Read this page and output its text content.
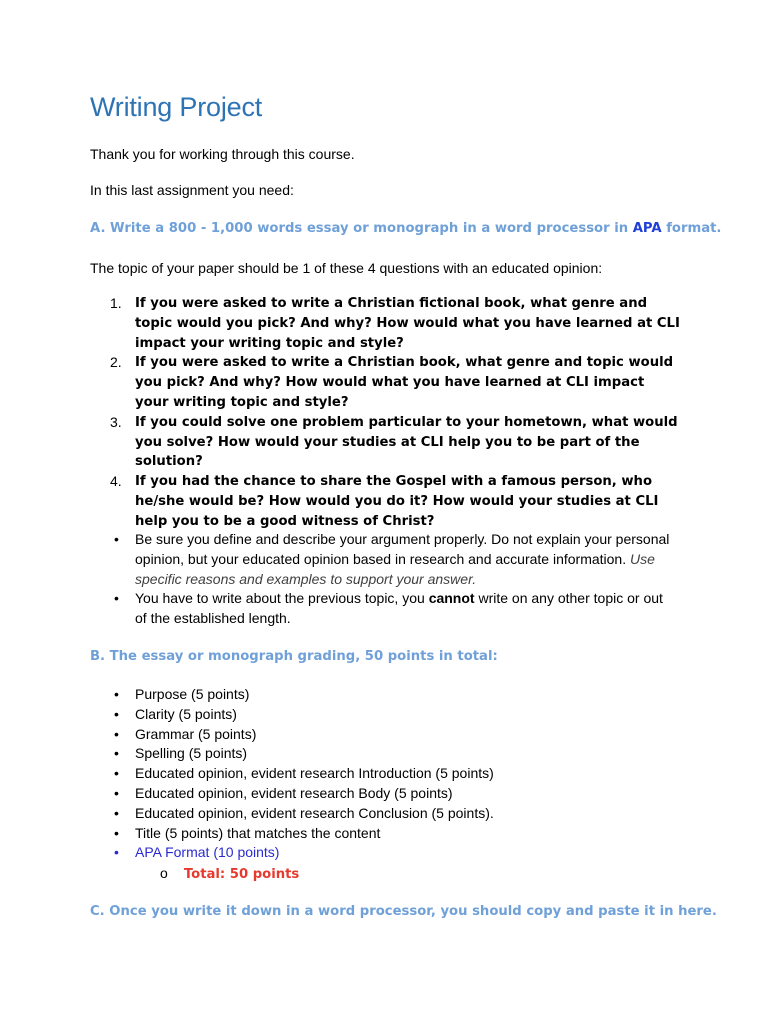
Writing Project

Thank you for working through this course.

In this last assignment you need:

A. Write a 800 - 1,000 words essay or monograph in a word processor in APA format.

The topic of your paper should be 1 of these 4 questions with an educated opinion:

1. If you were asked to write a Christian fictional book, what genre and topic would you pick? And why? How would what you have learned at CLI impact your writing topic and style?
2. If you were asked to write a Christian book, what genre and topic would you pick? And why? How would what you have learned at CLI impact your writing topic and style?
3. If you could solve one problem particular to your hometown, what would you solve? How would your studies at CLI help you to be part of the solution?
4. If you had the chance to share the Gospel with a famous person, who he/she would be? How would you do it? How would your studies at CLI help you to be a good witness of Christ?
• Be sure you define and describe your argument properly. Do not explain your personal opinion, but your educated opinion based in research and accurate information. Use specific reasons and examples to support your answer.
• You have to write about the previous topic, you cannot write on any other topic or out of the established length.

B. The essay or monograph grading, 50 points in total:

• Purpose (5 points)
• Clarity (5 points)
• Grammar (5 points)
• Spelling (5 points)
• Educated opinion, evident research Introduction (5 points)
• Educated opinion, evident research Body (5 points)
• Educated opinion, evident research Conclusion (5 points).
• Title (5 points) that matches the content
• APA Format (10 points)
o Total: 50 points

C. Once you write it down in a word processor, you should copy and paste it in here.
